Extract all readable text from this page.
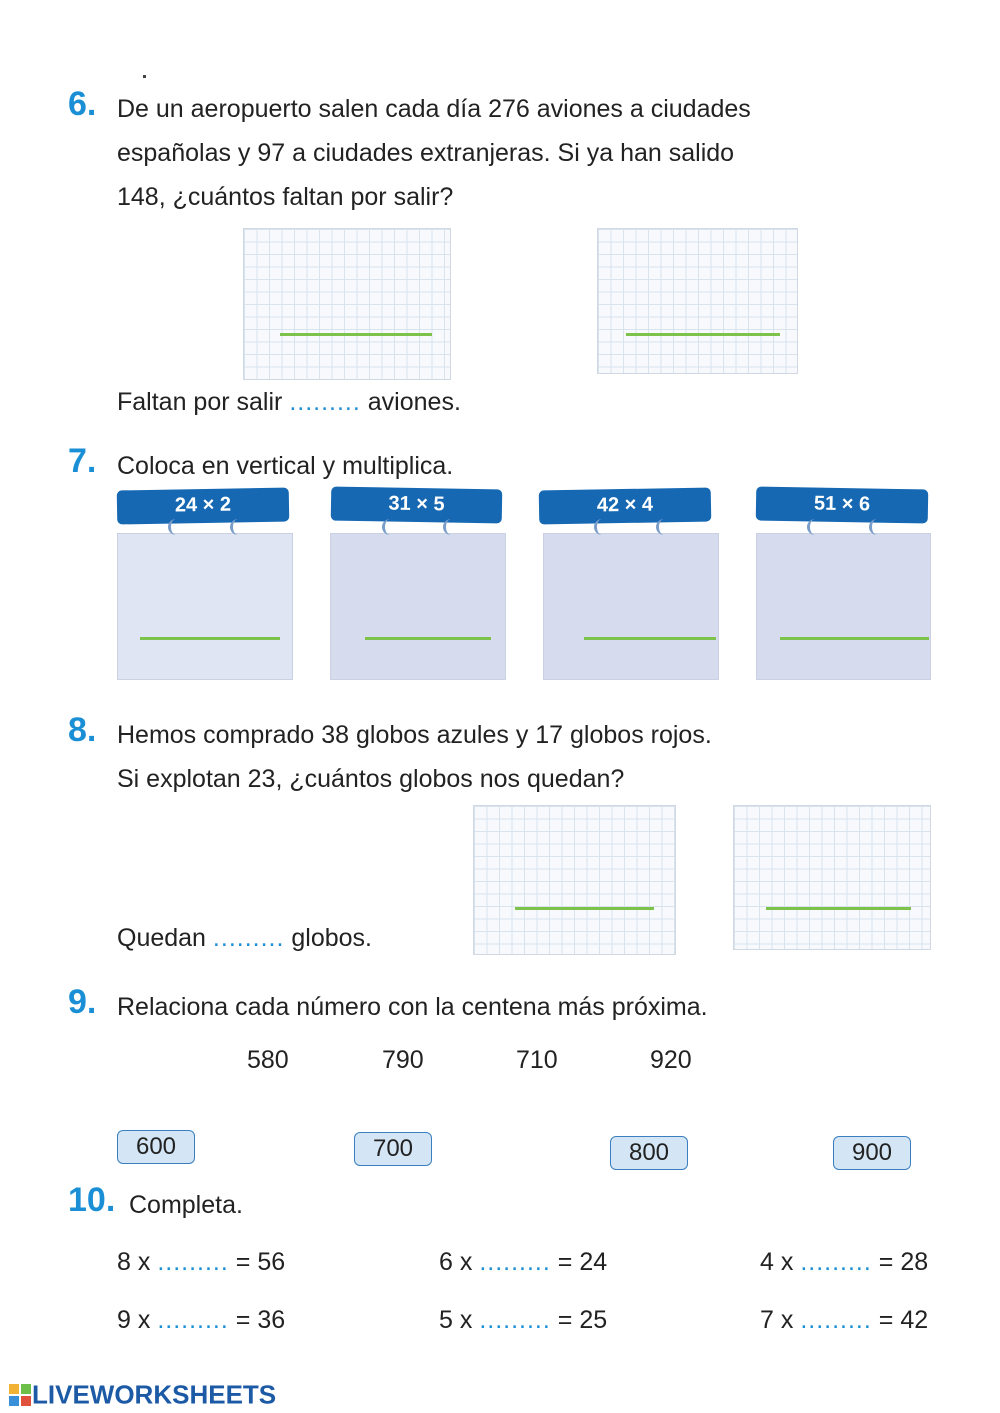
6. De un aeropuerto salen cada día 276 aviones a ciudades
españolas y 97 a ciudades extranjeras. Si ya han salido
148, ¿cuántos faltan por salir?
Faltan por salir ......... aviones.
7. Coloca en vertical y multiplica.
24 × 2	31 × 5	42 × 4	51 × 6
8. Hemos comprado 38 globos azules y 17 globos rojos.
Si explotan 23, ¿cuántos globos nos quedan?
Quedan ......... globos.
9. Relaciona cada número con la centena más próxima.
580	790	710	920
600	700	800	900
10. Completa.
8 x ......... = 56	6 x ......... = 24	4 x ......... = 28
9 x ......... = 36	5 x ......... = 25	7 x ......... = 42

LIVEWORKSHEETS
